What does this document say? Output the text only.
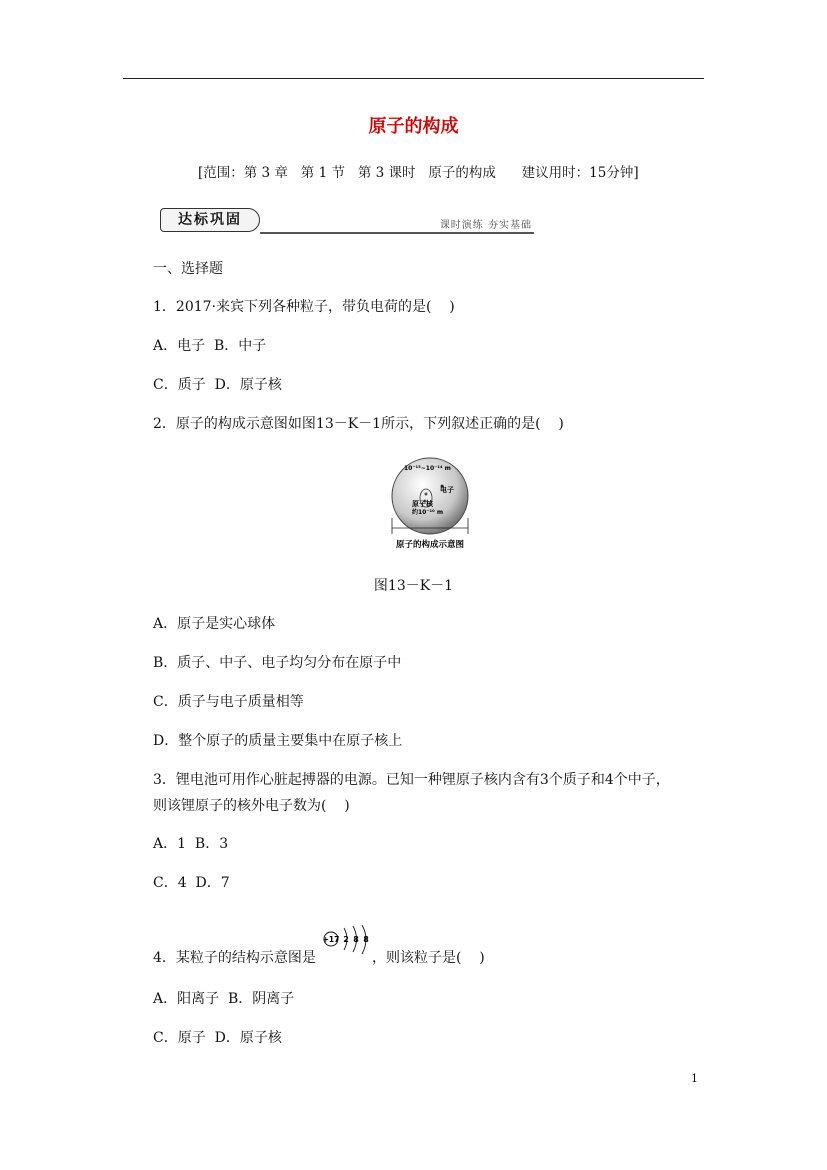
原子的构成
[范围：第 3 章   第 1 节   第 3 课时   原子的构成      建议用时：15分钟]
达标巩固	课时演练 夯实基础
一、选择题
1．2017·来宾下列各种粒子，带负电荷的是(    )
A．电子  B．中子
C．质子  D．原子核
2．原子的构成示意图如图13－K－1所示，下列叙述正确的是(    )
10⁻¹⁵~10⁻¹⁴ m
电子
原子核
约10⁻¹⁰ m
原子的构成示意图
图13－K－1
A．原子是实心球体
B．质子、中子、电子均匀分布在原子中
C．质子与电子质量相等
D．整个原子的质量主要集中在原子核上
3．锂电池可用作心脏起搏器的电源。已知一种锂原子核内含有3个质子和4个中子，
则该锂原子的核外电子数为(    )
A．1  B．3
C．4  D．7
4．某粒子的结构示意图是
+17 2 8 8
，则该粒子是(    )
A．阳离子  B．阴离子
C．原子  D．原子核
1
